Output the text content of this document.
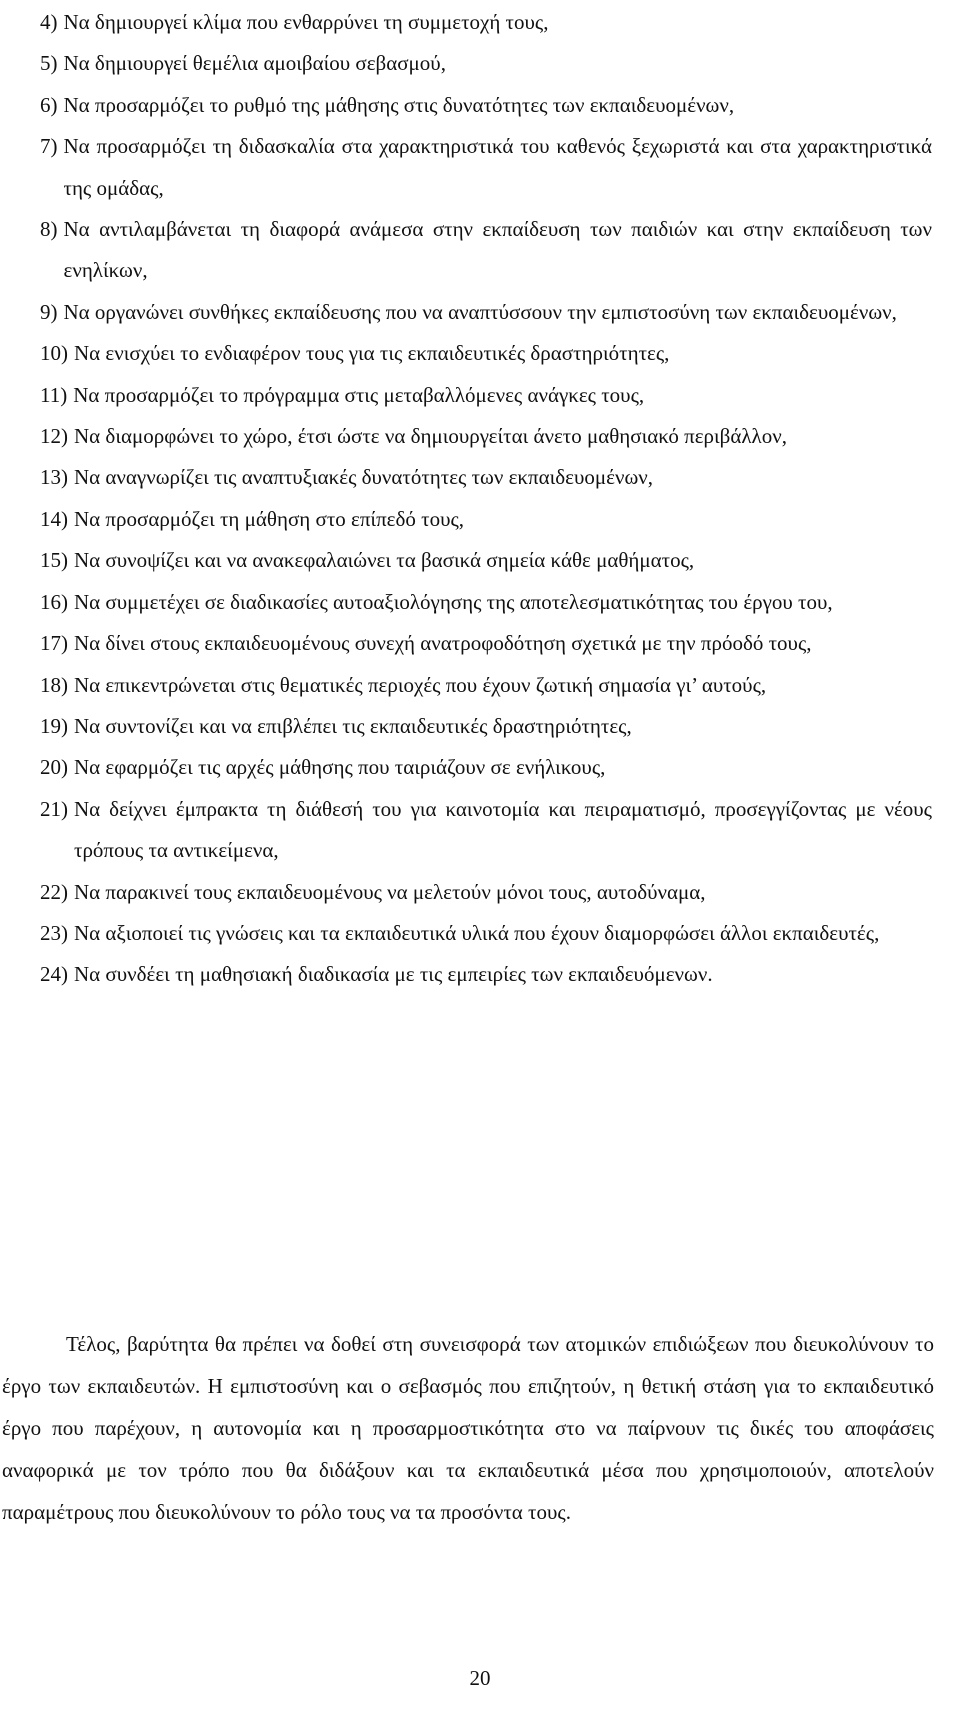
4) Να δημιουργεί κλίμα που ενθαρρύνει τη συμμετοχή τους,
5) Να δημιουργεί θεμέλια αμοιβαίου σεβασμού,
6) Να προσαρμόζει το ρυθμό της μάθησης στις δυνατότητες των εκπαιδευομένων,
7) Να προσαρμόζει τη διδασκαλία στα χαρακτηριστικά του καθενός ξεχωριστά και στα χαρακτηριστικά της ομάδας,
8) Να αντιλαμβάνεται τη διαφορά ανάμεσα στην εκπαίδευση των παιδιών και στην εκπαίδευση των ενηλίκων,
9) Να οργανώνει συνθήκες εκπαίδευσης που να αναπτύσσουν την εμπιστοσύνη των εκπαιδευομένων,
10) Να ενισχύει το ενδιαφέρον τους για τις εκπαιδευτικές δραστηριότητες,
11) Να προσαρμόζει το πρόγραμμα στις μεταβαλλόμενες ανάγκες τους,
12) Να διαμορφώνει το χώρο, έτσι ώστε να δημιουργείται άνετο μαθησιακό περιβάλλον,
13) Να αναγνωρίζει τις αναπτυξιακές δυνατότητες των εκπαιδευομένων,
14) Να προσαρμόζει τη μάθηση στο επίπεδό τους,
15) Να συνοψίζει και να ανακεφαλαιώνει τα βασικά σημεία κάθε μαθήματος,
16) Να συμμετέχει σε διαδικασίες αυτοαξιολόγησης της αποτελεσματικότητας του έργου του,
17) Να δίνει στους εκπαιδευομένους συνεχή ανατροφοδότηση σχετικά με την πρόοδό τους,
18) Να επικεντρώνεται στις θεματικές περιοχές που έχουν ζωτική σημασία γι’ αυτούς,
19) Να συντονίζει και να επιβλέπει τις εκπαιδευτικές δραστηριότητες,
20) Να εφαρμόζει τις αρχές μάθησης που ταιριάζουν σε ενήλικους,
21) Να δείχνει έμπρακτα τη διάθεσή του για καινοτομία και πειραματισμό, προσεγγίζοντας με νέους τρόπους τα αντικείμενα,
22) Να παρακινεί τους εκπαιδευομένους να μελετούν μόνοι τους, αυτοδύναμα,
23) Να αξιοποιεί τις γνώσεις και τα εκπαιδευτικά υλικά που έχουν διαμορφώσει άλλοι εκπαιδευτές,
24) Να συνδέει τη μαθησιακή διαδικασία με τις εμπειρίες των εκπαιδευόμενων.

Τέλος, βαρύτητα θα πρέπει να δοθεί στη συνεισφορά των ατομικών επιδιώξεων που διευκολύνουν το έργο των εκπαιδευτών. Η εμπιστοσύνη και ο σεβασμός που επιζητούν, η θετική στάση για το εκπαιδευτικό έργο που παρέχουν, η αυτονομία και η προσαρμοστικότητα στο να παίρνουν τις δικές του αποφάσεις αναφορικά με τον τρόπο που θα διδάξουν και τα εκπαιδευτικά μέσα που χρησιμοποιούν, αποτελούν παραμέτρους που διευκολύνουν το ρόλο τους να τα προσόντα τους.

20
